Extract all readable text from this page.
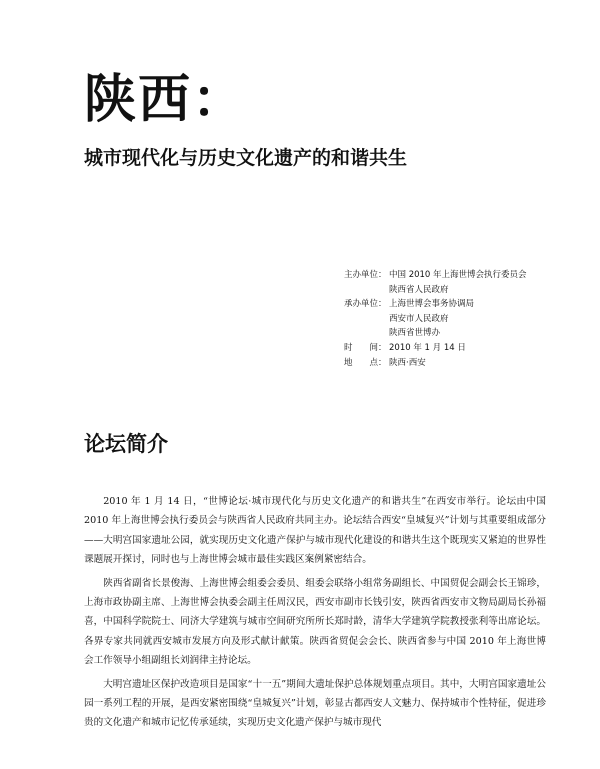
陕西：
城市现代化与历史文化遗产的和谐共生
主办单位： 中国 2010 年上海世博会执行委员会
陕西省人民政府
承办单位： 上海世博会事务协调局
西安市人民政府
陕西省世博办
时　　间： 2010 年 1 月 14 日
地　　点： 陕西·西安
论坛简介

2010 年 1 月 14 日，“世博论坛·城市现代化与历史文化遗产的和谐共生”在西安市举行。论坛由中国 2010 年上海世博会执行委员会与陕西省人民政府共同主办。论坛结合西安“皇城复兴”计划与其重要组成部分——大明宫国家遗址公园，就实现历史文化遗产保护与城市现代化建设的和谐共生这个既现实又紧迫的世界性课题展开探讨，同时也与上海世博会城市最佳实践区案例紧密结合。

陕西省副省长景俊海、上海世博会组委会委员、组委会联络小组常务副组长、中国贸促会副会长王锦珍，上海市政协副主席、上海世博会执委会副主任周汉民，西安市副市长钱引安，陕西省西安市文物局副局长孙福喜，中国科学院院士、同济大学建筑与城市空间研究所所长郑时龄，清华大学建筑学院教授张利等出席论坛。各界专家共同就西安城市发展方向及形式献计献策。陕西省贸促会会长、陕西省参与中国 2010 年上海世博会工作领导小组副组长刘润律主持论坛。

大明宫遗址区保护改造项目是国家“十一五”期间大遗址保护总体规划重点项目。其中，大明宫国家遗址公园一系列工程的开展，是西安紧密围绕“皇城复兴”计划，彰显古都西安人文魅力、保持城市个性特征，促进珍贵的文化遗产和城市记忆传承延续，实现历史文化遗产保护与城市现代
